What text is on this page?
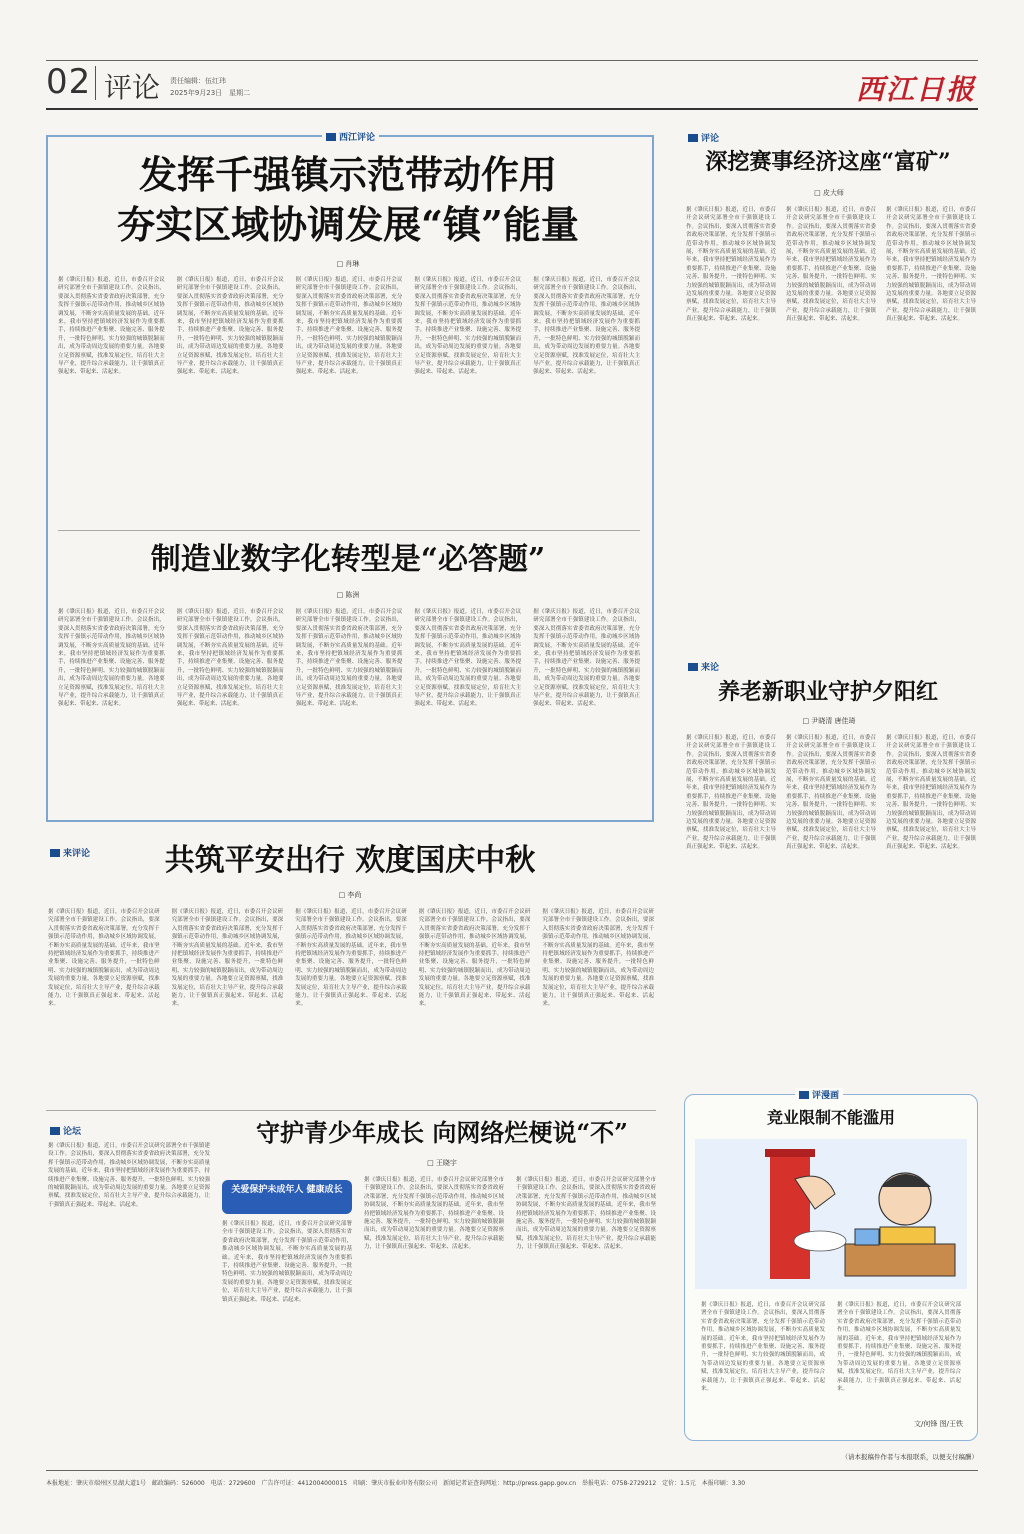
02 评论 责任编辑：伍红玮
2025年9月23日　星期二	西江日报
西江评论
发挥千强镇示范带动作用
夯实区域协调发展“镇”能量
□ 肖琳
据《肇庆日报》报道，近日，市委召开会议研究部署全市千强镇建设工作。会议指出，要深入贯彻落实省委省政府决策部署，充分发挥千强镇示范带动作用，推动城乡区域协调发展，不断夯实高质量发展的基础。近年来，我市坚持把镇域经济发展作为重要抓手，持续推进产业集聚、设施完善、服务提升，一批特色鲜明、实力较强的城镇脱颖而出，成为带动周边发展的重要力量。各地要立足资源禀赋，找准发展定位，培育壮大主导产业，提升综合承载能力，让千强镇真正强起来、带起来、活起来。
据《肇庆日报》报道，近日，市委召开会议研究部署全市千强镇建设工作。会议指出，要深入贯彻落实省委省政府决策部署，充分发挥千强镇示范带动作用，推动城乡区域协调发展，不断夯实高质量发展的基础。近年来，我市坚持把镇域经济发展作为重要抓手，持续推进产业集聚、设施完善、服务提升，一批特色鲜明、实力较强的城镇脱颖而出，成为带动周边发展的重要力量。各地要立足资源禀赋，找准发展定位，培育壮大主导产业，提升综合承载能力，让千强镇真正强起来、带起来、活起来。
据《肇庆日报》报道，近日，市委召开会议研究部署全市千强镇建设工作。会议指出，要深入贯彻落实省委省政府决策部署，充分发挥千强镇示范带动作用，推动城乡区域协调发展，不断夯实高质量发展的基础。近年来，我市坚持把镇域经济发展作为重要抓手，持续推进产业集聚、设施完善、服务提升，一批特色鲜明、实力较强的城镇脱颖而出，成为带动周边发展的重要力量。各地要立足资源禀赋，找准发展定位，培育壮大主导产业，提升综合承载能力，让千强镇真正强起来、带起来、活起来。
据《肇庆日报》报道，近日，市委召开会议研究部署全市千强镇建设工作。会议指出，要深入贯彻落实省委省政府决策部署，充分发挥千强镇示范带动作用，推动城乡区域协调发展，不断夯实高质量发展的基础。近年来，我市坚持把镇域经济发展作为重要抓手，持续推进产业集聚、设施完善、服务提升，一批特色鲜明、实力较强的城镇脱颖而出，成为带动周边发展的重要力量。各地要立足资源禀赋，找准发展定位，培育壮大主导产业，提升综合承载能力，让千强镇真正强起来、带起来、活起来。
据《肇庆日报》报道，近日，市委召开会议研究部署全市千强镇建设工作。会议指出，要深入贯彻落实省委省政府决策部署，充分发挥千强镇示范带动作用，推动城乡区域协调发展，不断夯实高质量发展的基础。近年来，我市坚持把镇域经济发展作为重要抓手，持续推进产业集聚、设施完善、服务提升，一批特色鲜明、实力较强的城镇脱颖而出，成为带动周边发展的重要力量。各地要立足资源禀赋，找准发展定位，培育壮大主导产业，提升综合承载能力，让千强镇真正强起来、带起来、活起来。
制造业数字化转型是“必答题”
□ 陈洲
据《肇庆日报》报道，近日，市委召开会议研究部署全市千强镇建设工作。会议指出，要深入贯彻落实省委省政府决策部署，充分发挥千强镇示范带动作用，推动城乡区域协调发展，不断夯实高质量发展的基础。近年来，我市坚持把镇域经济发展作为重要抓手，持续推进产业集聚、设施完善、服务提升，一批特色鲜明、实力较强的城镇脱颖而出，成为带动周边发展的重要力量。各地要立足资源禀赋，找准发展定位，培育壮大主导产业，提升综合承载能力，让千强镇真正强起来、带起来、活起来。
据《肇庆日报》报道，近日，市委召开会议研究部署全市千强镇建设工作。会议指出，要深入贯彻落实省委省政府决策部署，充分发挥千强镇示范带动作用，推动城乡区域协调发展，不断夯实高质量发展的基础。近年来，我市坚持把镇域经济发展作为重要抓手，持续推进产业集聚、设施完善、服务提升，一批特色鲜明、实力较强的城镇脱颖而出，成为带动周边发展的重要力量。各地要立足资源禀赋，找准发展定位，培育壮大主导产业，提升综合承载能力，让千强镇真正强起来、带起来、活起来。
据《肇庆日报》报道，近日，市委召开会议研究部署全市千强镇建设工作。会议指出，要深入贯彻落实省委省政府决策部署，充分发挥千强镇示范带动作用，推动城乡区域协调发展，不断夯实高质量发展的基础。近年来，我市坚持把镇域经济发展作为重要抓手，持续推进产业集聚、设施完善、服务提升，一批特色鲜明、实力较强的城镇脱颖而出，成为带动周边发展的重要力量。各地要立足资源禀赋，找准发展定位，培育壮大主导产业，提升综合承载能力，让千强镇真正强起来、带起来、活起来。
据《肇庆日报》报道，近日，市委召开会议研究部署全市千强镇建设工作。会议指出，要深入贯彻落实省委省政府决策部署，充分发挥千强镇示范带动作用，推动城乡区域协调发展，不断夯实高质量发展的基础。近年来，我市坚持把镇域经济发展作为重要抓手，持续推进产业集聚、设施完善、服务提升，一批特色鲜明、实力较强的城镇脱颖而出，成为带动周边发展的重要力量。各地要立足资源禀赋，找准发展定位，培育壮大主导产业，提升综合承载能力，让千强镇真正强起来、带起来、活起来。
据《肇庆日报》报道，近日，市委召开会议研究部署全市千强镇建设工作。会议指出，要深入贯彻落实省委省政府决策部署，充分发挥千强镇示范带动作用，推动城乡区域协调发展，不断夯实高质量发展的基础。近年来，我市坚持把镇域经济发展作为重要抓手，持续推进产业集聚、设施完善、服务提升，一批特色鲜明、实力较强的城镇脱颖而出，成为带动周边发展的重要力量。各地要立足资源禀赋，找准发展定位，培育壮大主导产业，提升综合承载能力，让千强镇真正强起来、带起来、活起来。
评论
深挖赛事经济这座“富矿”
□ 皮大师
据《肇庆日报》报道，近日，市委召开会议研究部署全市千强镇建设工作。会议指出，要深入贯彻落实省委省政府决策部署，充分发挥千强镇示范带动作用，推动城乡区域协调发展，不断夯实高质量发展的基础。近年来，我市坚持把镇域经济发展作为重要抓手，持续推进产业集聚、设施完善、服务提升，一批特色鲜明、实力较强的城镇脱颖而出，成为带动周边发展的重要力量。各地要立足资源禀赋，找准发展定位，培育壮大主导产业，提升综合承载能力，让千强镇真正强起来、带起来、活起来。
据《肇庆日报》报道，近日，市委召开会议研究部署全市千强镇建设工作。会议指出，要深入贯彻落实省委省政府决策部署，充分发挥千强镇示范带动作用，推动城乡区域协调发展，不断夯实高质量发展的基础。近年来，我市坚持把镇域经济发展作为重要抓手，持续推进产业集聚、设施完善、服务提升，一批特色鲜明、实力较强的城镇脱颖而出，成为带动周边发展的重要力量。各地要立足资源禀赋，找准发展定位，培育壮大主导产业，提升综合承载能力，让千强镇真正强起来、带起来、活起来。
据《肇庆日报》报道，近日，市委召开会议研究部署全市千强镇建设工作。会议指出，要深入贯彻落实省委省政府决策部署，充分发挥千强镇示范带动作用，推动城乡区域协调发展，不断夯实高质量发展的基础。近年来，我市坚持把镇域经济发展作为重要抓手，持续推进产业集聚、设施完善、服务提升，一批特色鲜明、实力较强的城镇脱颖而出，成为带动周边发展的重要力量。各地要立足资源禀赋，找准发展定位，培育壮大主导产业，提升综合承载能力，让千强镇真正强起来、带起来、活起来。
来论
养老新职业守护夕阳红
□ 尹晓清 唐佳琦
据《肇庆日报》报道，近日，市委召开会议研究部署全市千强镇建设工作。会议指出，要深入贯彻落实省委省政府决策部署，充分发挥千强镇示范带动作用，推动城乡区域协调发展，不断夯实高质量发展的基础。近年来，我市坚持把镇域经济发展作为重要抓手，持续推进产业集聚、设施完善、服务提升，一批特色鲜明、实力较强的城镇脱颖而出，成为带动周边发展的重要力量。各地要立足资源禀赋，找准发展定位，培育壮大主导产业，提升综合承载能力，让千强镇真正强起来、带起来、活起来。
据《肇庆日报》报道，近日，市委召开会议研究部署全市千强镇建设工作。会议指出，要深入贯彻落实省委省政府决策部署，充分发挥千强镇示范带动作用，推动城乡区域协调发展，不断夯实高质量发展的基础。近年来，我市坚持把镇域经济发展作为重要抓手，持续推进产业集聚、设施完善、服务提升，一批特色鲜明、实力较强的城镇脱颖而出，成为带动周边发展的重要力量。各地要立足资源禀赋，找准发展定位，培育壮大主导产业，提升综合承载能力，让千强镇真正强起来、带起来、活起来。
据《肇庆日报》报道，近日，市委召开会议研究部署全市千强镇建设工作。会议指出，要深入贯彻落实省委省政府决策部署，充分发挥千强镇示范带动作用，推动城乡区域协调发展，不断夯实高质量发展的基础。近年来，我市坚持把镇域经济发展作为重要抓手，持续推进产业集聚、设施完善、服务提升，一批特色鲜明、实力较强的城镇脱颖而出，成为带动周边发展的重要力量。各地要立足资源禀赋，找准发展定位，培育壮大主导产业，提升综合承载能力，让千强镇真正强起来、带起来、活起来。
来评论	共筑平安出行 欢度国庆中秋
□ 李尚
据《肇庆日报》报道，近日，市委召开会议研究部署全市千强镇建设工作。会议指出，要深入贯彻落实省委省政府决策部署，充分发挥千强镇示范带动作用，推动城乡区域协调发展，不断夯实高质量发展的基础。近年来，我市坚持把镇域经济发展作为重要抓手，持续推进产业集聚、设施完善、服务提升，一批特色鲜明、实力较强的城镇脱颖而出，成为带动周边发展的重要力量。各地要立足资源禀赋，找准发展定位，培育壮大主导产业，提升综合承载能力，让千强镇真正强起来、带起来、活起来。
据《肇庆日报》报道，近日，市委召开会议研究部署全市千强镇建设工作。会议指出，要深入贯彻落实省委省政府决策部署，充分发挥千强镇示范带动作用，推动城乡区域协调发展，不断夯实高质量发展的基础。近年来，我市坚持把镇域经济发展作为重要抓手，持续推进产业集聚、设施完善、服务提升，一批特色鲜明、实力较强的城镇脱颖而出，成为带动周边发展的重要力量。各地要立足资源禀赋，找准发展定位，培育壮大主导产业，提升综合承载能力，让千强镇真正强起来、带起来、活起来。
据《肇庆日报》报道，近日，市委召开会议研究部署全市千强镇建设工作。会议指出，要深入贯彻落实省委省政府决策部署，充分发挥千强镇示范带动作用，推动城乡区域协调发展，不断夯实高质量发展的基础。近年来，我市坚持把镇域经济发展作为重要抓手，持续推进产业集聚、设施完善、服务提升，一批特色鲜明、实力较强的城镇脱颖而出，成为带动周边发展的重要力量。各地要立足资源禀赋，找准发展定位，培育壮大主导产业，提升综合承载能力，让千强镇真正强起来、带起来、活起来。
据《肇庆日报》报道，近日，市委召开会议研究部署全市千强镇建设工作。会议指出，要深入贯彻落实省委省政府决策部署，充分发挥千强镇示范带动作用，推动城乡区域协调发展，不断夯实高质量发展的基础。近年来，我市坚持把镇域经济发展作为重要抓手，持续推进产业集聚、设施完善、服务提升，一批特色鲜明、实力较强的城镇脱颖而出，成为带动周边发展的重要力量。各地要立足资源禀赋，找准发展定位，培育壮大主导产业，提升综合承载能力，让千强镇真正强起来、带起来、活起来。
据《肇庆日报》报道，近日，市委召开会议研究部署全市千强镇建设工作。会议指出，要深入贯彻落实省委省政府决策部署，充分发挥千强镇示范带动作用，推动城乡区域协调发展，不断夯实高质量发展的基础。近年来，我市坚持把镇域经济发展作为重要抓手，持续推进产业集聚、设施完善、服务提升，一批特色鲜明、实力较强的城镇脱颖而出，成为带动周边发展的重要力量。各地要立足资源禀赋，找准发展定位，培育壮大主导产业，提升综合承载能力，让千强镇真正强起来、带起来、活起来。
论坛	守护青少年成长 向网络烂梗说“不”
□ 王晓宇
据《肇庆日报》报道，近日，市委召开会议研究部署全市千强镇建设工作。会议指出，要深入贯彻落实省委省政府决策部署，充分发挥千强镇示范带动作用，推动城乡区域协调发展，不断夯实高质量发展的基础。近年来，我市坚持把镇域经济发展作为重要抓手，持续推进产业集聚、设施完善、服务提升，一批特色鲜明、实力较强的城镇脱颖而出，成为带动周边发展的重要力量。各地要立足资源禀赋，找准发展定位，培育壮大主导产业，提升综合承载能力，让千强镇真正强起来、带起来、活起来。
关爱保护未成年人 健康成长
据《肇庆日报》报道，近日，市委召开会议研究部署全市千强镇建设工作。会议指出，要深入贯彻落实省委省政府决策部署，充分发挥千强镇示范带动作用，推动城乡区域协调发展，不断夯实高质量发展的基础。近年来，我市坚持把镇域经济发展作为重要抓手，持续推进产业集聚、设施完善、服务提升，一批特色鲜明、实力较强的城镇脱颖而出，成为带动周边发展的重要力量。各地要立足资源禀赋，找准发展定位，培育壮大主导产业，提升综合承载能力，让千强镇真正强起来、带起来、活起来。
据《肇庆日报》报道，近日，市委召开会议研究部署全市千强镇建设工作。会议指出，要深入贯彻落实省委省政府决策部署，充分发挥千强镇示范带动作用，推动城乡区域协调发展，不断夯实高质量发展的基础。近年来，我市坚持把镇域经济发展作为重要抓手，持续推进产业集聚、设施完善、服务提升，一批特色鲜明、实力较强的城镇脱颖而出，成为带动周边发展的重要力量。各地要立足资源禀赋，找准发展定位，培育壮大主导产业，提升综合承载能力，让千强镇真正强起来、带起来、活起来。
据《肇庆日报》报道，近日，市委召开会议研究部署全市千强镇建设工作。会议指出，要深入贯彻落实省委省政府决策部署，充分发挥千强镇示范带动作用，推动城乡区域协调发展，不断夯实高质量发展的基础。近年来，我市坚持把镇域经济发展作为重要抓手，持续推进产业集聚、设施完善、服务提升，一批特色鲜明、实力较强的城镇脱颖而出，成为带动周边发展的重要力量。各地要立足资源禀赋，找准发展定位，培育壮大主导产业，提升综合承载能力，让千强镇真正强起来、带起来、活起来。
评漫画
竞业限制不能滥用
据《肇庆日报》报道，近日，市委召开会议研究部署全市千强镇建设工作。会议指出，要深入贯彻落实省委省政府决策部署，充分发挥千强镇示范带动作用，推动城乡区域协调发展，不断夯实高质量发展的基础。近年来，我市坚持把镇域经济发展作为重要抓手，持续推进产业集聚、设施完善、服务提升，一批特色鲜明、实力较强的城镇脱颖而出，成为带动周边发展的重要力量。各地要立足资源禀赋，找准发展定位，培育壮大主导产业，提升综合承载能力，让千强镇真正强起来、带起来、活起来。
据《肇庆日报》报道，近日，市委召开会议研究部署全市千强镇建设工作。会议指出，要深入贯彻落实省委省政府决策部署，充分发挥千强镇示范带动作用，推动城乡区域协调发展，不断夯实高质量发展的基础。近年来，我市坚持把镇域经济发展作为重要抓手，持续推进产业集聚、设施完善、服务提升，一批特色鲜明、实力较强的城镇脱颖而出，成为带动周边发展的重要力量。各地要立足资源禀赋，找准发展定位，培育壮大主导产业，提升综合承载能力，让千强镇真正强起来、带起来、活起来。
文/何锋 图/王铁
（请本报稿件作者与本报联系，以便支付稿酬）
本报地址：肇庆市端州区星湖大道1号　邮政编码：526000　电话：2729600　广告许可证：4412004000015　印刷：肇庆市报业印务有限公司　新闻记者证查询网址：http://press.gapp.gov.cn　举报电话：0758-2729212　定价：1.5元　本报印刷：3.30
